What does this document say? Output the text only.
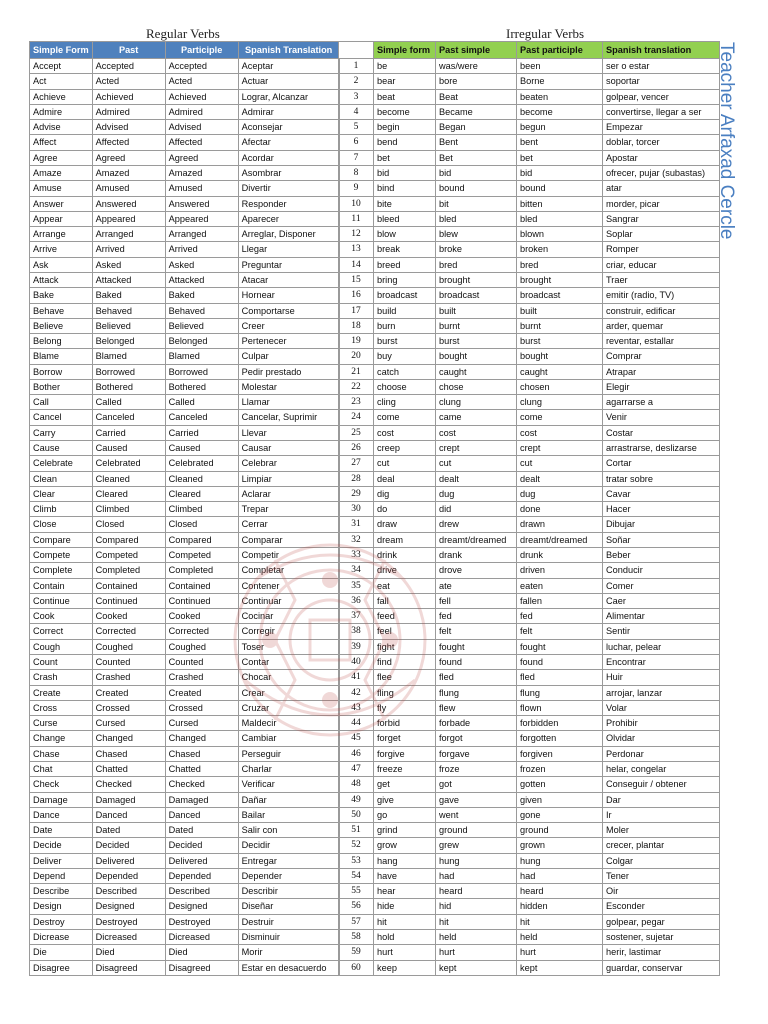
Regular Verbs	Irregular Verbs
Simple Form	Past	Participle	Spanish Translation
Accept	Accepted	Accepted	Aceptar
Act	Acted	Acted	Actuar
Achieve	Achieved	Achieved	Lograr, Alcanzar
Admire	Admired	Admired	Admirar
Advise	Advised	Advised	Aconsejar
Affect	Affected	Affected	Afectar
Agree	Agreed	Agreed	Acordar
Amaze	Amazed	Amazed	Asombrar
Amuse	Amused	Amused	Divertir
Answer	Answered	Answered	Responder
Appear	Appeared	Appeared	Aparecer
Arrange	Arranged	Arranged	Arreglar, Disponer
Arrive	Arrived	Arrived	Llegar
Ask	Asked	Asked	Preguntar
Attack	Attacked	Attacked	Atacar
Bake	Baked	Baked	Hornear
Behave	Behaved	Behaved	Comportarse
Believe	Believed	Believed	Creer
Belong	Belonged	Belonged	Pertenecer
Blame	Blamed	Blamed	Culpar
Borrow	Borrowed	Borrowed	Pedir prestado
Bother	Bothered	Bothered	Molestar
Call	Called	Called	Llamar
Cancel	Canceled	Canceled	Cancelar, Suprimir
Carry	Carried	Carried	Llevar
Cause	Caused	Caused	Causar
Celebrate	Celebrated	Celebrated	Celebrar
Clean	Cleaned	Cleaned	Limpiar
Clear	Cleared	Cleared	Aclarar
Climb	Climbed	Climbed	Trepar
Close	Closed	Closed	Cerrar
Compare	Compared	Compared	Comparar
Compete	Competed	Competed	Competir
Complete	Completed	Completed	Completar
Contain	Contained	Contained	Contener
Continue	Continued	Continued	Continuar
Cook	Cooked	Cooked	Cocinar
Correct	Corrected	Corrected	Corregir
Cough	Coughed	Coughed	Toser
Count	Counted	Counted	Contar
Crash	Crashed	Crashed	Chocar
Create	Created	Created	Crear
Cross	Crossed	Crossed	Cruzar
Curse	Cursed	Cursed	Maldecir
Change	Changed	Changed	Cambiar
Chase	Chased	Chased	Perseguir
Chat	Chatted	Chatted	Charlar
Check	Checked	Checked	Verificar
Damage	Damaged	Damaged	Dañar
Dance	Danced	Danced	Bailar
Date	Dated	Dated	Salir con
Decide	Decided	Decided	Decidir
Deliver	Delivered	Delivered	Entregar
Depend	Depended	Depended	Depender
Describe	Described	Described	Describir
Design	Designed	Designed	Diseñar
Destroy	Destroyed	Destroyed	Destruir
Dicrease	Dicreased	Dicreased	Disminuir
Die	Died	Died	Morir
Disagree	Disagreed	Disagreed	Estar en desacuerdo
	Simple form	Past simple	Past participle	Spanish translation
1	be	was/were	been	ser o estar
2	bear	bore	Borne	soportar
3	beat	Beat	beaten	golpear, vencer
4	become	Became	become	convertirse, llegar a ser
5	begin	Began	begun	Empezar
6	bend	Bent	bent	doblar, torcer
7	bet	Bet	bet	Apostar
8	bid	bid	bid	ofrecer, pujar (subastas)
9	bind	bound	bound	atar
10	bite	bit	bitten	morder, picar
11	bleed	bled	bled	Sangrar
12	blow	blew	blown	Soplar
13	break	broke	broken	Romper
14	breed	bred	bred	criar, educar
15	bring	brought	brought	Traer
16	broadcast	broadcast	broadcast	emitir (radio, TV)
17	build	built	built	construir, edificar
18	burn	burnt	burnt	arder, quemar
19	burst	burst	burst	reventar, estallar
20	buy	bought	bought	Comprar
21	catch	caught	caught	Atrapar
22	choose	chose	chosen	Elegir
23	cling	clung	clung	agarrarse a
24	come	came	come	Venir
25	cost	cost	cost	Costar
26	creep	crept	crept	arrastrarse, deslizarse
27	cut	cut	cut	Cortar
28	deal	dealt	dealt	tratar sobre
29	dig	dug	dug	Cavar
30	do	did	done	Hacer
31	draw	drew	drawn	Dibujar
32	dream	dreamt/dreamed	dreamt/dreamed	Soñar
33	drink	drank	drunk	Beber
34	drive	drove	driven	Conducir
35	eat	ate	eaten	Comer
36	fall	fell	fallen	Caer
37	feed	fed	fed	Alimentar
38	feel	felt	felt	Sentir
39	fight	fought	fought	luchar, pelear
40	find	found	found	Encontrar
41	flee	fled	fled	Huir
42	fling	flung	flung	arrojar, lanzar
43	fly	flew	flown	Volar
44	forbid	forbade	forbidden	Prohibir
45	forget	forgot	forgotten	Olvidar
46	forgive	forgave	forgiven	Perdonar
47	freeze	froze	frozen	helar, congelar
48	get	got	gotten	Conseguir / obtener
49	give	gave	given	Dar
50	go	went	gone	Ir
51	grind	ground	ground	Moler
52	grow	grew	grown	crecer, plantar
53	hang	hung	hung	Colgar
54	have	had	had	Tener
55	hear	heard	heard	Oir
56	hide	hid	hidden	Esconder
57	hit	hit	hit	golpear, pegar
58	hold	held	held	sostener, sujetar
59	hurt	hurt	hurt	herir, lastimar
60	keep	kept	kept	guardar, conservar
Teacher Arfaxad Cercle
